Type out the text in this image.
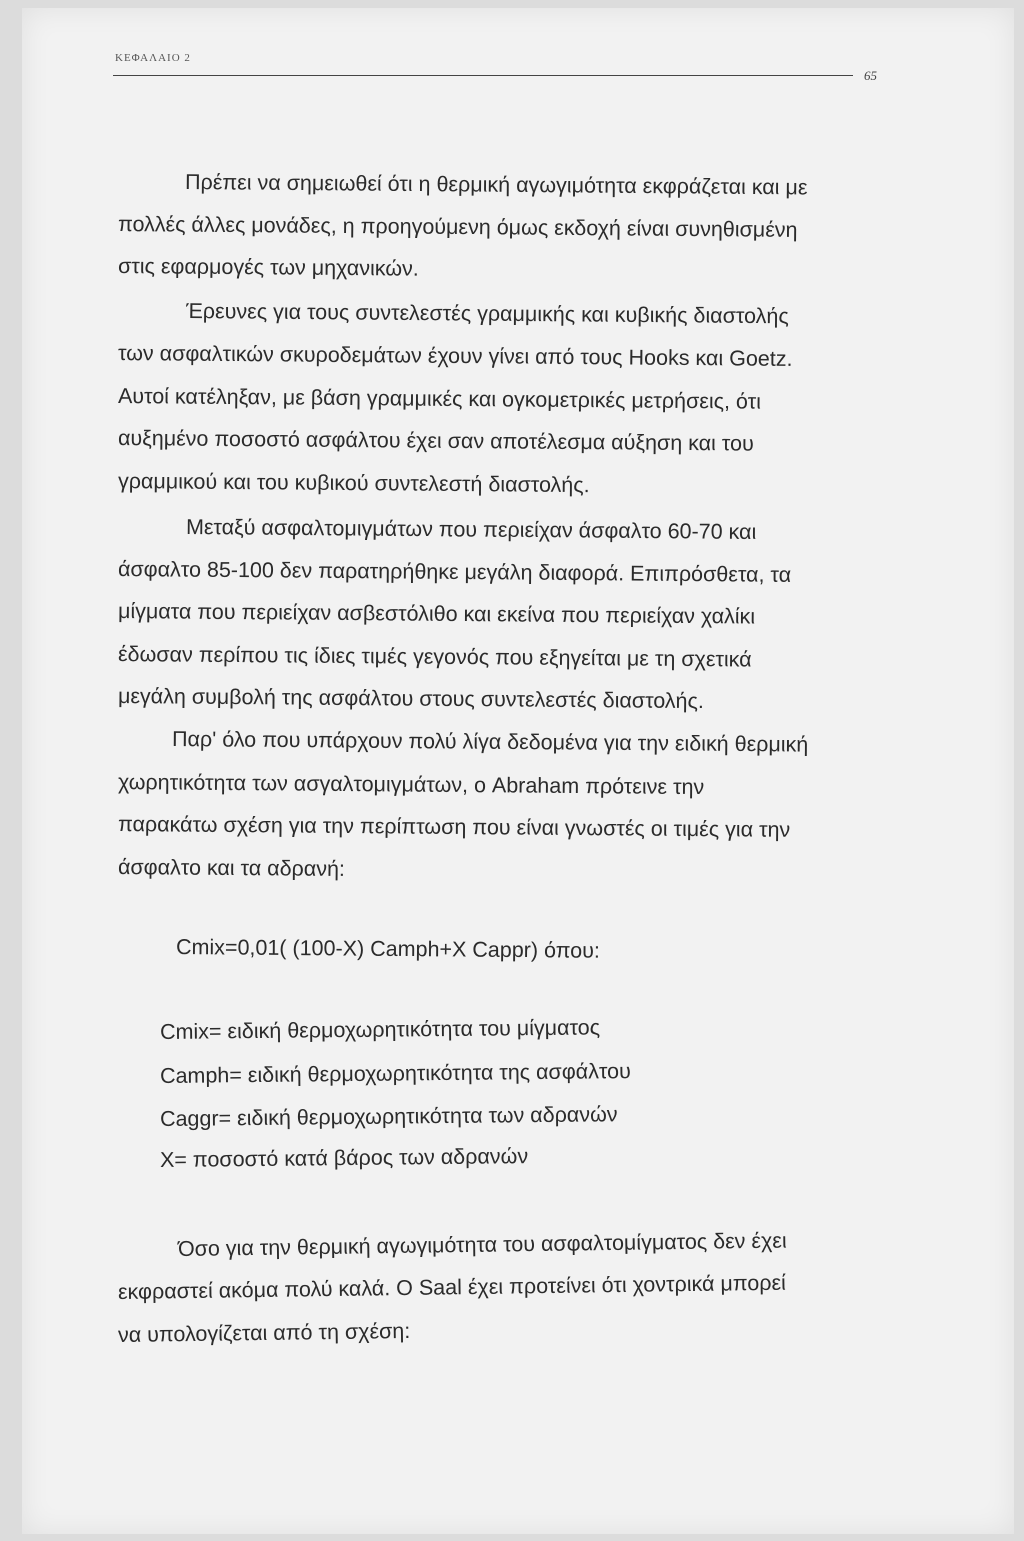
ΚΕΦΑΛΑΙΟ 2
65
Πρέπει να σημειωθεί ότι η θερμική αγωγιμότητα εκφράζεται και με
πολλές άλλες μονάδες, η προηγούμενη όμως εκδοχή είναι συνηθισμένη
στις εφαρμογές των μηχανικών.
Έρευνες για τους συντελεστές γραμμικής και κυβικής διαστολής
των ασφαλτικών σκυροδεμάτων έχουν γίνει από τους Hooks και Goetz.
Αυτοί κατέληξαν, με βάση γραμμικές και ογκομετρικές μετρήσεις, ότι
αυξημένο ποσοστό ασφάλτου έχει σαν αποτέλεσμα αύξηση και του
γραμμικού και του κυβικού συντελεστή διαστολής.
Μεταξύ ασφαλτομιγμάτων που περιείχαν άσφαλτο 60-70 και
άσφαλτο 85-100 δεν παρατηρήθηκε μεγάλη διαφορά. Επιπρόσθετα, τα
μίγματα που περιείχαν ασβεστόλιθο και εκείνα που περιείχαν χαλίκι
έδωσαν περίπου τις ίδιες τιμές γεγονός που εξηγείται με τη σχετικά
μεγάλη συμβολή της ασφάλτου στους συντελεστές διαστολής.
Παρ' όλο που υπάρχουν πολύ λίγα δεδομένα για την ειδική θερμική
χωρητικότητα των ασγαλτομιγμάτων, ο Abraham πρότεινε την
παρακάτω σχέση για την περίπτωση που είναι γνωστές οι τιμές για την
άσφαλτο και τα αδρανή:
Cmix=0,01( (100-X) Camph+X Cappr) όπου:
Cmix= ειδική θερμοχωρητικότητα του μίγματος
Camph= ειδική θερμοχωρητικότητα της ασφάλτου
Caggr= ειδική θερμοχωρητικότητα των αδρανών
X= ποσοστό κατά βάρος των αδρανών
Όσο για την θερμική αγωγιμότητα του ασφαλτομίγματος δεν έχει
εκφραστεί ακόμα πολύ καλά. O Saal έχει προτείνει ότι χοντρικά μπορεί
να υπολογίζεται από τη σχέση:
